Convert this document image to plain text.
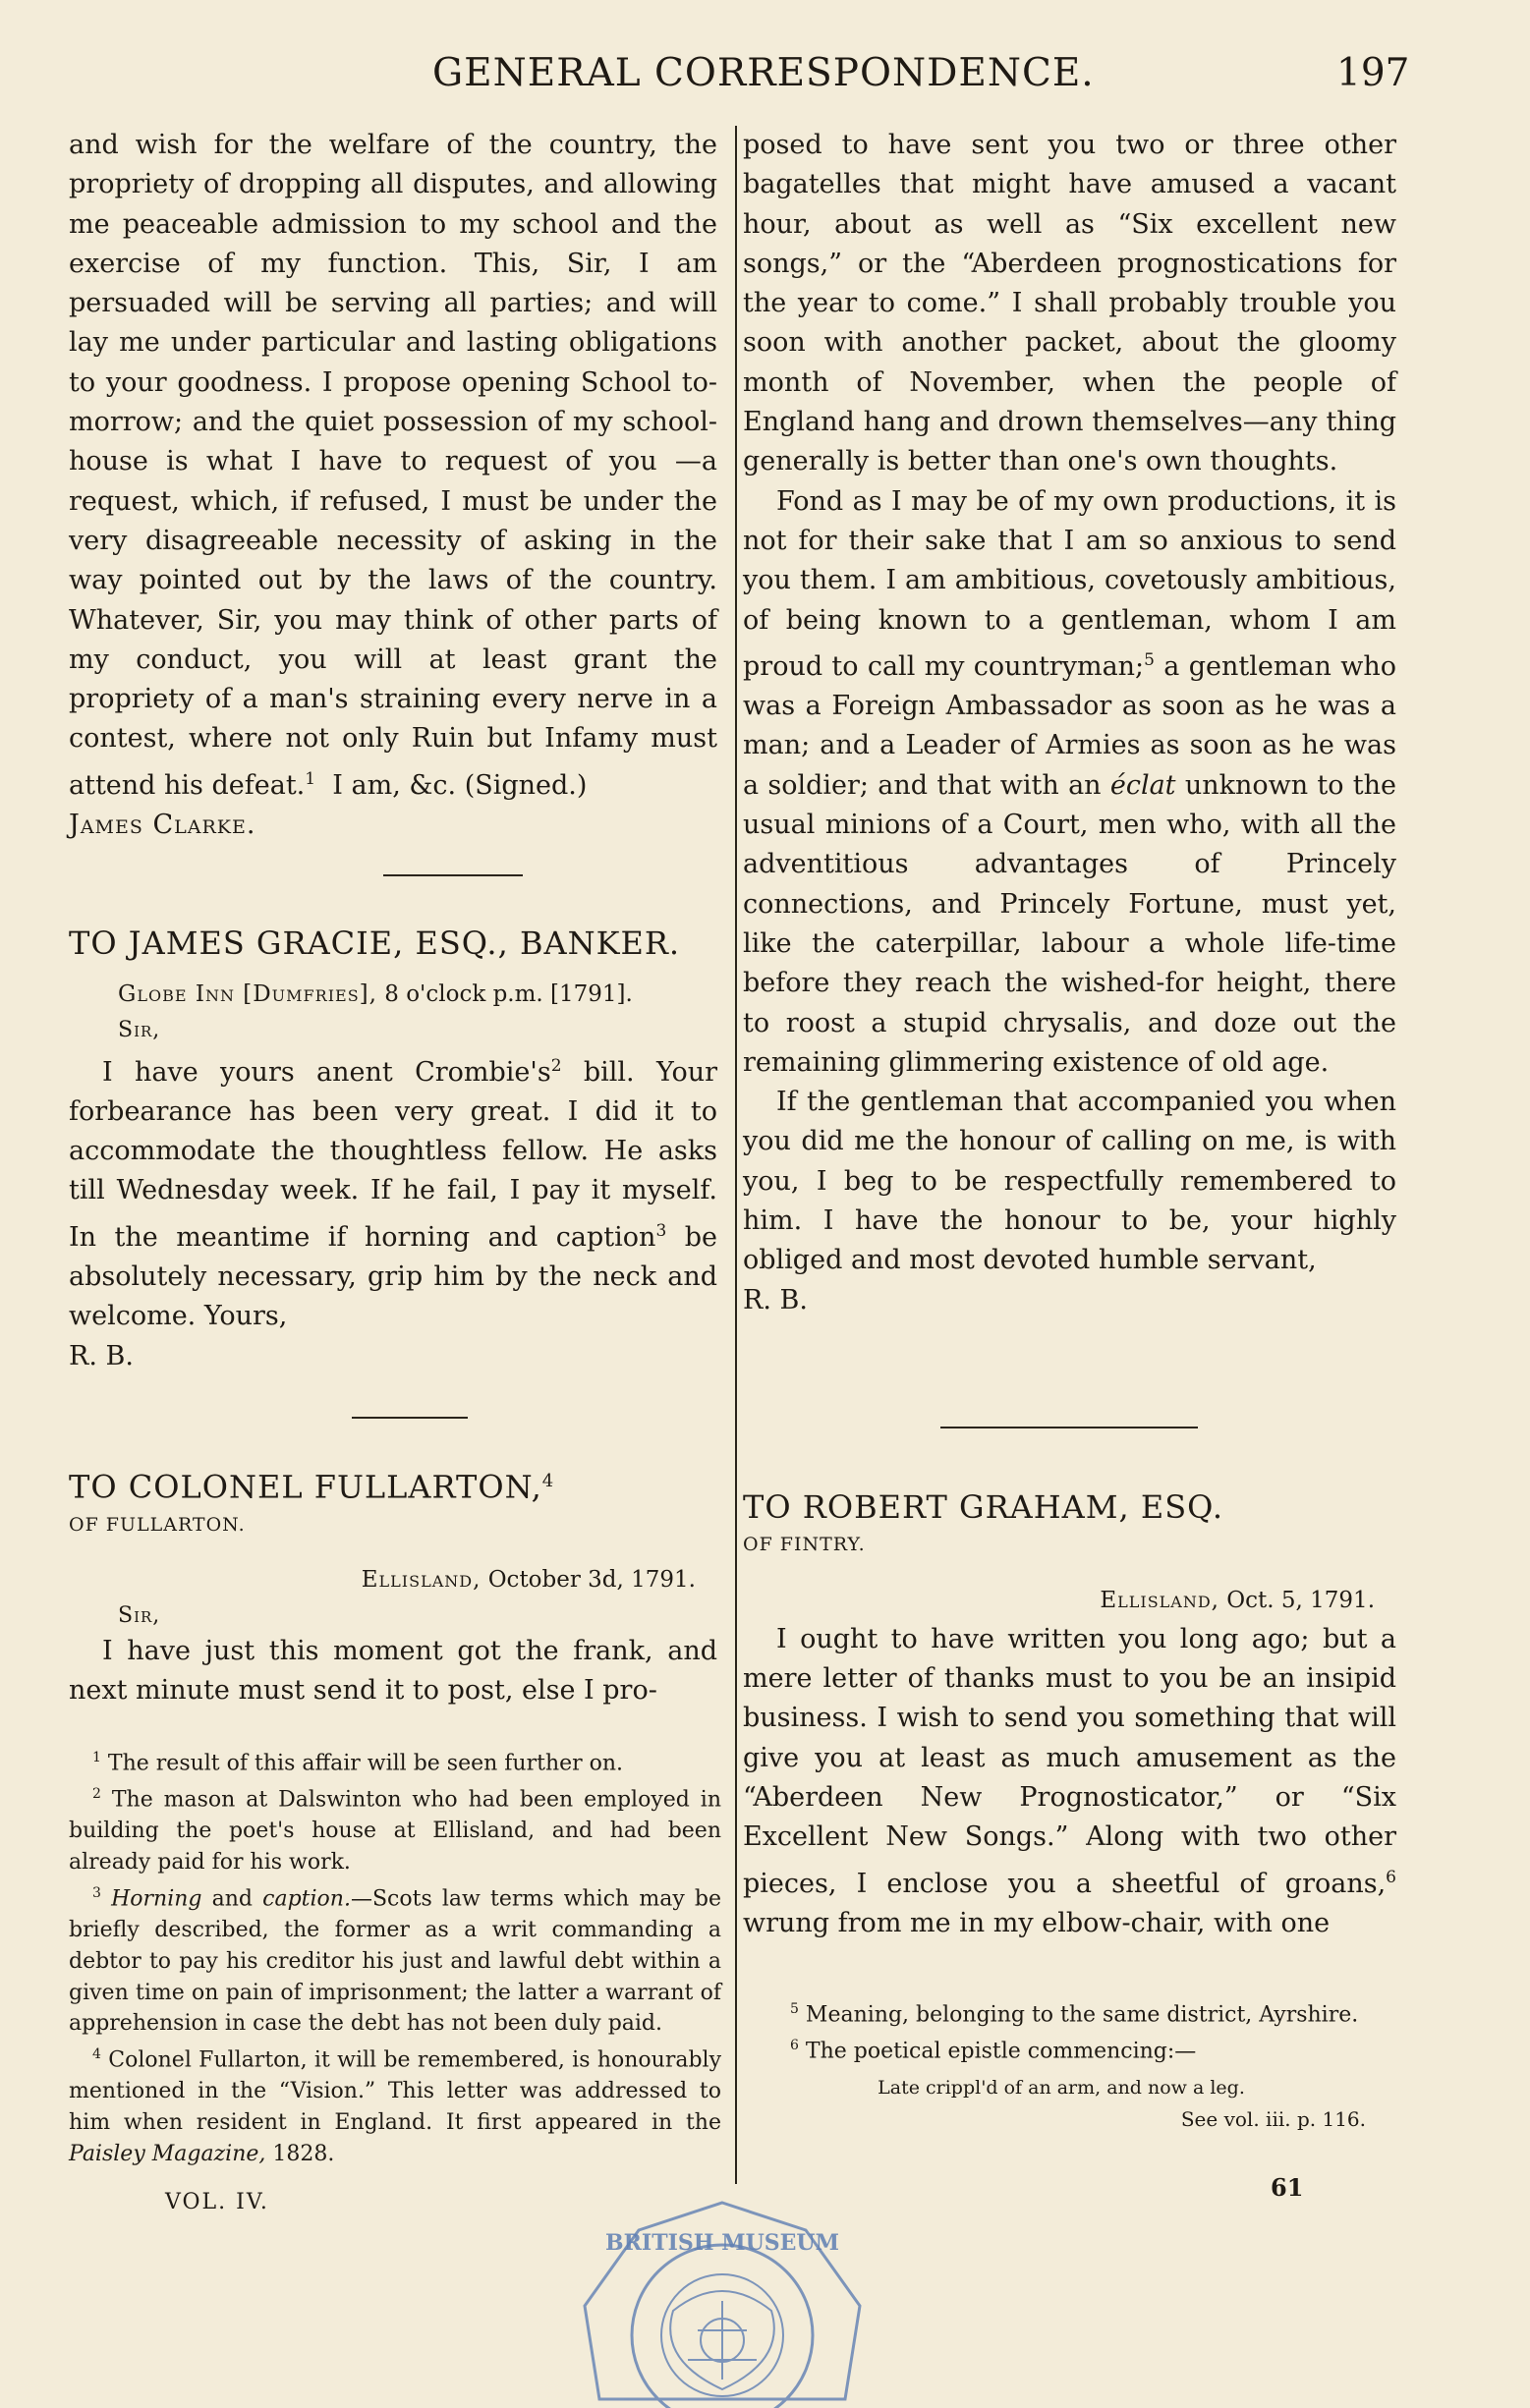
GENERAL CORRESPONDENCE.	197

and wish for the welfare of the country, the propriety of dropping all disputes, and allowing me peaceable admission to my school and the exercise of my function. This, Sir, I am persuaded will be serving all parties; and will lay me under particular and lasting obligations to your goodness. I propose opening School to-morrow; and the quiet possession of my school-house is what I have to request of you —a request, which, if refused, I must be under the very disagreeable necessity of asking in the way pointed out by the laws of the country. Whatever, Sir, you may think of other parts of my conduct, you will at least grant the propriety of a man's straining every nerve in a contest, where not only Ruin but Infamy must attend his defeat.$^1$ I am, &c. (Signed.)

James Clarke.

TO JAMES GRACIE, ESQ., BANKER.

Globe Inn [Dumfries], 8 o'clock p.m. [1791].

Sir,

I have yours anent $Crombie's^2$ bill. Your forbearance has been very great. I did it to accommodate the thoughtless fellow. He asks till Wednesday week. If he fail, I pay it myself. In the meantime if horning and caption$^3$ be absolutely necessary, grip him by the neck and welcome. Yours,

R. B.

TO COLONEL FULLARTON,$^4$

OF FULLARTON.

Ellisland, October 3d, 1791.

Sir,

I have just this moment got the frank, and next minute must send it to post, else I pro-

$^1$ The result of this affair will be seen further on.

$^2$ The mason at Dalswinton who had been employed in building the poet's house at Ellisland, and had been already paid for his work.

$^3$ Horning and caption.—Scots law terms which may be briefly described, the former as a writ commanding a debtor to pay his creditor his just and lawful debt within a given time on pain of imprisonment; the latter a warrant of apprehension in case the debt has not been duly paid.

$^4$ Colonel Fullarton, it will be remembered, is honourably mentioned in the “Vision.” This letter was addressed to him when resident in England. It first appeared in the Paisley Magazine, 1828.

VOL. IV.

posed to have sent you two or three other bagatelles that might have amused a vacant hour, about as well as “Six excellent new songs,” or the “Aberdeen prognostications for the year to come.” I shall probably trouble you soon with another packet, about the gloomy month of November, when the people of England hang and drown themselves—any thing generally is better than one's own thoughts.

Fond as I may be of my own productions, it is not for their sake that I am so anxious to send you them. I am ambitious, covetously ambitious, of being known to a gentleman, whom I am proud to call my countryman;$^5$ a gentleman who was a Foreign Ambassador as soon as he was a man; and a Leader of Armies as soon as he was a soldier; and that with an éclat unknown to the usual minions of a Court, men who, with all the adventitious advantages of Princely connections, and Princely Fortune, must yet, like the caterpillar, labour a whole life-time before they reach the wished-for height, there to roost a stupid chrysalis, and doze out the remaining glimmering existence of old age.

If the gentleman that accompanied you when you did me the honour of calling on me, is with you, I beg to be respectfully remembered to him. I have the honour to be, your highly obliged and most devoted humble servant,

R. B.

TO ROBERT GRAHAM, ESQ.

OF FINTRY.

Ellisland, Oct. 5, 1791.

I ought to have written you long ago; but a mere letter of thanks must to you be an insipid business. I wish to send you something that will give you at least as much amusement as the “Aberdeen New Prognosticator,” or “Six Excellent New Songs.” Along with two other pieces, I enclose you a sheetful of groans,$^6$ wrung from me in my elbow-chair, with one

$^5$ Meaning, belonging to the same district, Ayrshire.

$^6$ The poetical epistle commencing:—

Late crippl'd of an arm, and now a leg.

See vol. iii. p. 116.

61
BRITISH MUSEUM
